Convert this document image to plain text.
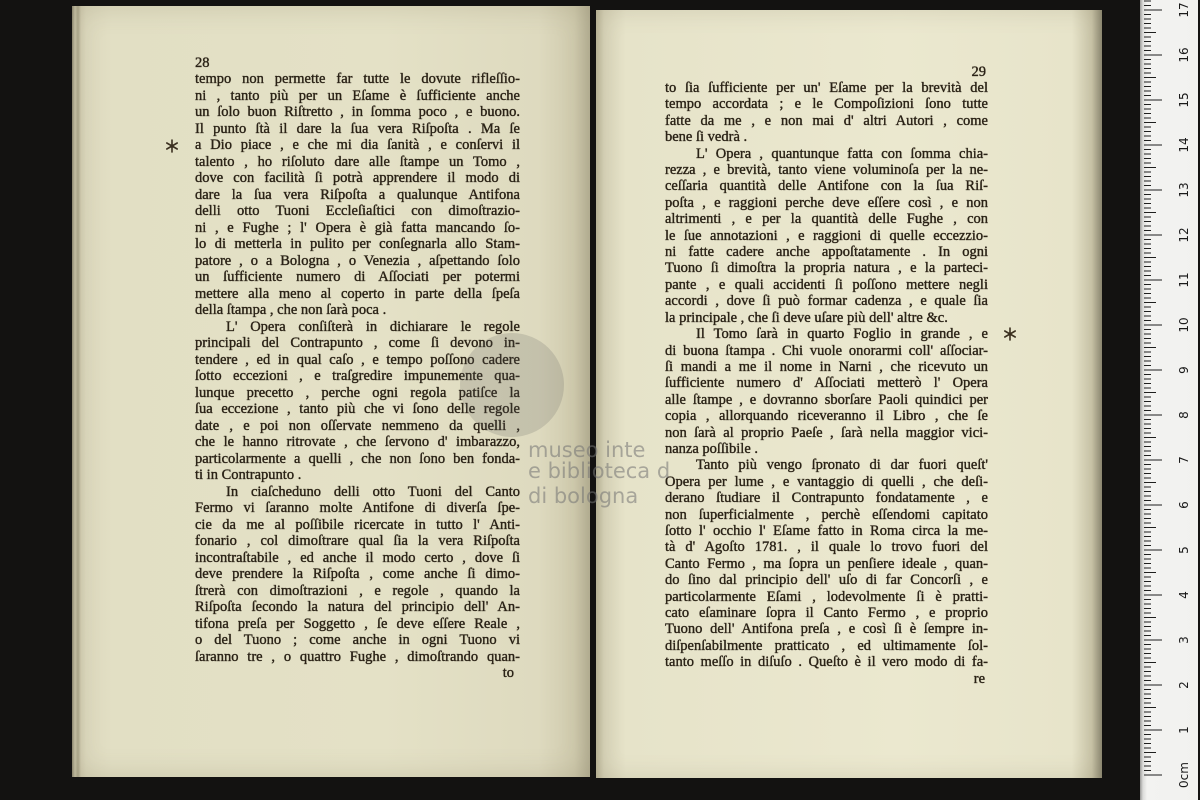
28
tempo non permette far tutte le dovute rifleſſio-
ni , tanto più per un Eſame è ſufficiente anche
un ſolo buon Riſtretto , in ſomma poco , e buono.
Il punto ſtà il dare la ſua vera Riſpoſta . Ma ſe
a Dio piace , e che mi dia ſanità , e conſervi il
talento , ho riſoluto dare alle ſtampe un Tomo ,
dove con facilità ſi potrà apprendere il modo di
dare la ſua vera Riſpoſta a qualunque Antifona
delli otto Tuoni Eccleſiaſtici con dimoſtrazio-
ni , e Fughe ; l' Opera è già fatta mancando ſo-
lo di metterla in pulito per conſegnarla allo Stam-
patore , o a Bologna , o Venezia , aſpettando ſolo
un ſufficiente numero di Aſſociati per potermi
mettere alla meno al coperto in parte della ſpeſa
della ſtampa , che non ſarà poca .
L' Opera conſiſterà in dichiarare le regole
principali del Contrapunto , come ſi devono in-
tendere , ed in qual caſo , e tempo poſſono cadere
ſotto eccezioni , e traſgredire impunemente qua-
lunque precetto , perche ogni regola patiſce la
ſua eccezione , tanto più che vi ſono delle regole
date , e poi non oſſervate nemmeno da quelli ,
che le hanno ritrovate , che ſervono d' imbarazzo,
particolarmente a quelli , che non ſono ben fonda-
ti in Contrapunto .
In ciaſcheduno delli otto Tuoni del Canto
Fermo vi ſaranno molte Antifone di diverſa ſpe-
cie da me al poſſibile ricercate in tutto l' Anti-
fonario , col dimoſtrare qual ſia la vera Riſpoſta
incontraſtabile , ed anche il modo certo , dove ſi
deve prendere la Riſpoſta , come anche ſi dimo-
ſtrerà con dimoſtrazioni , e regole , quando la
Riſpoſta ſecondo la natura del principio dell' An-
tifona preſa per Soggetto , ſe deve eſſere Reale ,
o del Tuono ; come anche in ogni Tuono vi
ſaranno tre , o quattro Fughe , dimoſtrando quan-
to
29
to ſia ſufficiente per un' Eſame per la brevità del
tempo accordata ; e le Compoſizioni ſono tutte
fatte da me , e non mai d' altri Autori , come
bene ſi vedrà .
L' Opera , quantunque fatta con ſomma chia-
rezza , e brevità, tanto viene voluminoſa per la ne-
ceſſaria quantità delle Antifone con la ſua Riſ-
poſta , e raggioni perche deve eſſere così , e non
altrimenti , e per la quantità delle Fughe , con
le ſue annotazioni , e raggioni di quelle eccezzio-
ni fatte cadere anche appoſtatamente . In ogni
Tuono ſi dimoſtra la propria natura , e la parteci-
pante , e quali accidenti ſi poſſono mettere negli
accordi , dove ſi può formar cadenza , e quale ſia
la principale , che ſi deve uſare più dell' altre &c.
Il Tomo ſarà in quarto Foglio in grande , e
di buona ſtampa . Chi vuole onorarmi coll' aſſociar-
ſi mandi a me il nome in Narni , che ricevuto un
ſufficiente numero d' Aſſociati metterò l' Opera
alle ſtampe , e dovranno sborſare Paoli quindici per
copia , allorquando riceveranno il Libro , che ſe
non ſarà al proprio Paeſe , ſarà nella maggior vici-
nanza poſſibile .
Tanto più vengo ſpronato di dar fuori queſt'
Opera per lume , e vantaggio di quelli , che deſi-
derano ſtudiare il Contrapunto fondatamente , e
non ſuperficialmente , perchè eſſendomi capitato
ſotto l' occhio l' Eſame fatto in Roma circa la me-
tà d' Agoſto 1781. , il quale lo trovo fuori del
Canto Fermo , ma ſopra un penſiere ideale , quan-
do ſino dal principio dell' uſo di far Concorſi , e
particolarmente Eſami , lodevolmente ſi è pratti-
cato eſaminare ſopra il Canto Fermo , e proprio
Tuono dell' Antifona preſa , e così ſi è ſempre in-
diſpenſabilmente pratticato , ed ultimamente ſol-
tanto meſſo in diſuſo . Queſto è il vero modo di fa-
re
museo inte
e biblioteca d
di bologna
0cm
1
2
3
4
5
6
7
8
9
10
11
12
13
14
15
16
17
